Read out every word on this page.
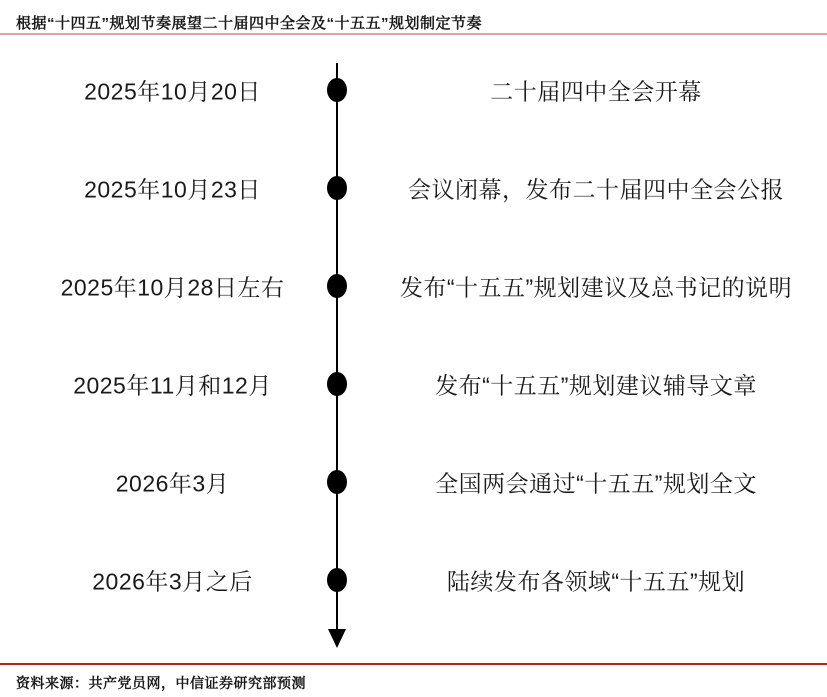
根据“十四五”规划节奏展望二十届四中全会及“十五五”规划制定节奏
2025年10月20日	二十届四中全会开幕
2025年10月23日	会议闭幕，发布二十届四中全会公报
2025年10月28日左右	发布“十五五”规划建议及总书记的说明
2025年11月和12月	发布“十五五”规划建议辅导文章
2026年3月	全国两会通过“十五五”规划全文
2026年3月之后	陆续发布各领域“十五五”规划
资料来源：共产党员网，中信证券研究部预测
